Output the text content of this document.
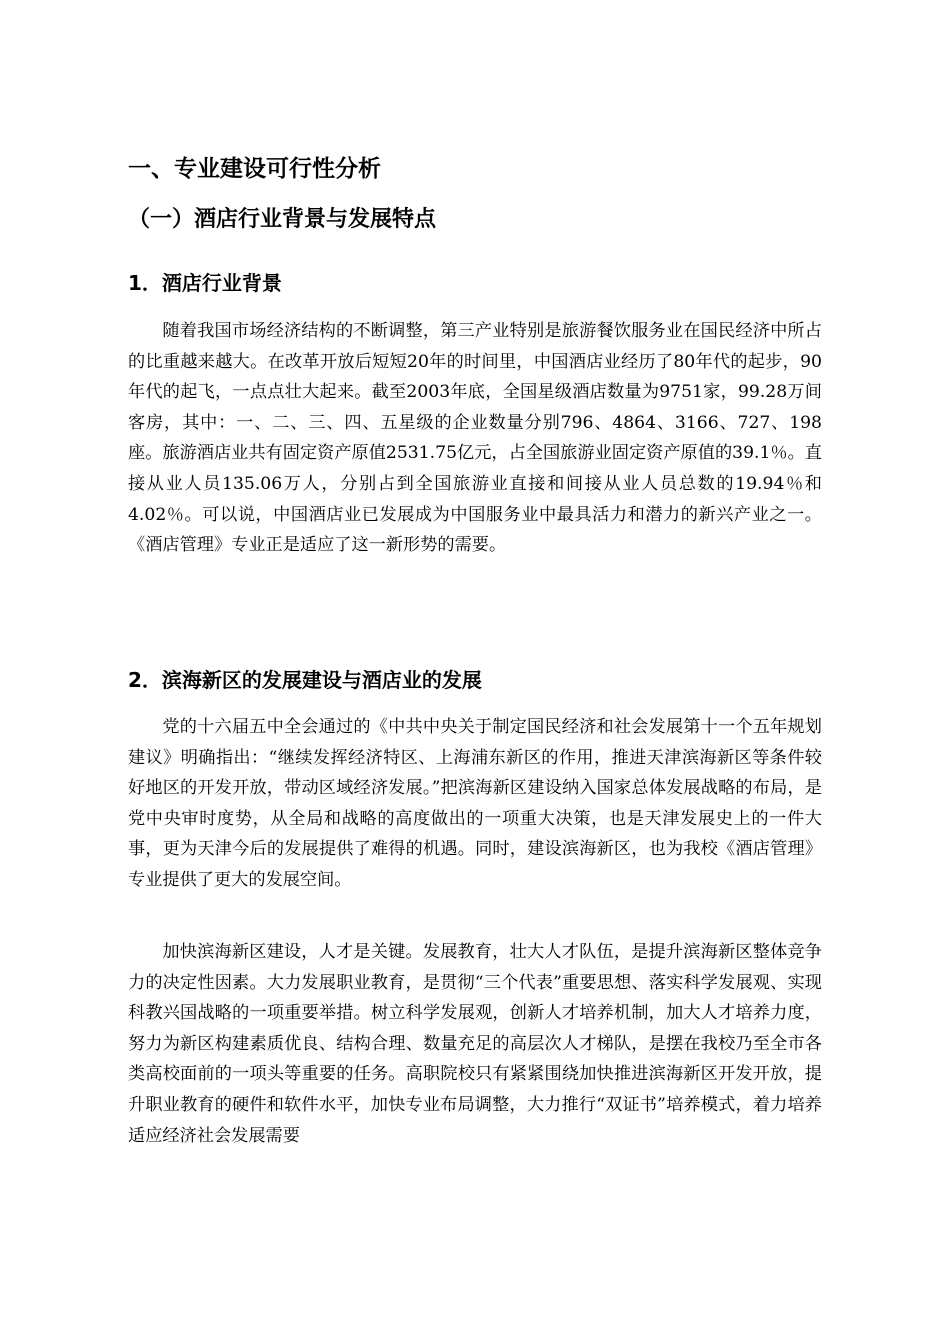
一、专业建设可行性分析
（一）酒店行业背景与发展特点
1．酒店行业背景

随着我国市场经济结构的不断调整，第三产业特别是旅游餐饮服务业在国民经济中所占的比重越来越大。在改革开放后短短20年的时间里，中国酒店业经历了80年代的起步，90年代的起飞，一点点壮大起来。截至2003年底，全国星级酒店数量为9751家，99.28万间客房，其中：一、二、三、四、五星级的企业数量分别796、4864、3166、727、198座。旅游酒店业共有固定资产原值2531.75亿元，占全国旅游业固定资产原值的39.1％。直接从业人员135.06万人，分别占到全国旅游业直接和间接从业人员总数的19.94％和4.02％。可以说，中国酒店业已发展成为中国服务业中最具活力和潜力的新兴产业之一。《酒店管理》专业正是适应了这一新形势的需要。

2．滨海新区的发展建设与酒店业的发展

党的十六届五中全会通过的《中共中央关于制定国民经济和社会发展第十一个五年规划建议》明确指出：“继续发挥经济特区、上海浦东新区的作用，推进天津滨海新区等条件较好地区的开发开放，带动区域经济发展。”把滨海新区建设纳入国家总体发展战略的布局，是党中央审时度势，从全局和战略的高度做出的一项重大决策，也是天津发展史上的一件大事，更为天津今后的发展提供了难得的机遇。同时，建设滨海新区，也为我校《酒店管理》专业提供了更大的发展空间。

加快滨海新区建设，人才是关键。发展教育，壮大人才队伍，是提升滨海新区整体竞争力的决定性因素。大力发展职业教育，是贯彻“三个代表”重要思想、落实科学发展观、实现科教兴国战略的一项重要举措。树立科学发展观，创新人才培养机制，加大人才培养力度，努力为新区构建素质优良、结构合理、数量充足的高层次人才梯队，是摆在我校乃至全市各类高校面前的一项头等重要的任务。高职院校只有紧紧围绕加快推进滨海新区开发开放，提升职业教育的硬件和软件水平，加快专业布局调整，大力推行“双证书”培养模式，着力培养适应经济社会发展需要
